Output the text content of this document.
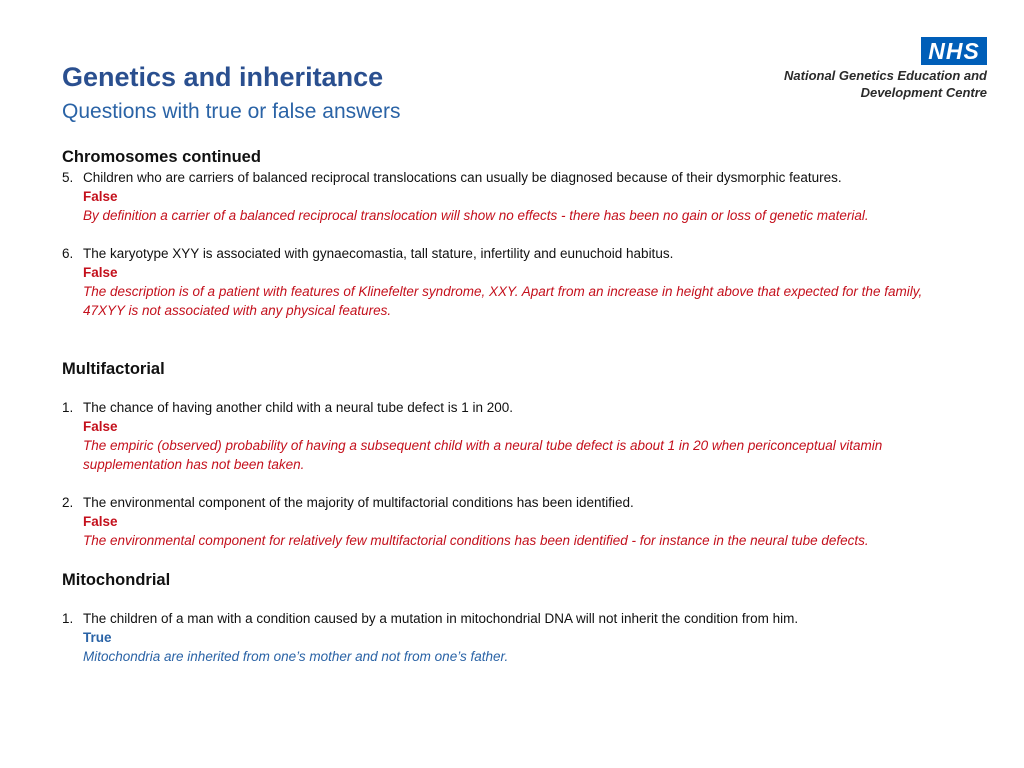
Genetics and inheritance
Questions with true or false answers
NHS
National Genetics Education and
Development Centre
Chromosomes continued
5. Children who are carriers of balanced reciprocal translocations can usually be diagnosed because of their dysmorphic features.
False
By definition a carrier of a balanced reciprocal translocation will show no effects - there has been no gain or loss of genetic material.
6. The karyotype XYY is associated with gynaecomastia, tall stature, infertility and eunuchoid habitus.
False
The description is of a patient with features of Klinefelter syndrome, XXY. Apart from an increase in height above that expected for the family, 47XYY is not associated with any physical features.
Multifactorial
1. The chance of having another child with a neural tube defect is 1 in 200.
False
The empiric (observed) probability of having a subsequent child with a neural tube defect is about 1 in 20 when periconceptual vitamin supplementation has not been taken.
2. The environmental component of the majority of multifactorial conditions has been identified.
False
The environmental component for relatively few multifactorial conditions has been identified - for instance in the neural tube defects.
Mitochondrial
1. The children of a man with a condition caused by a mutation in mitochondrial DNA will not inherit the condition from him.
True
Mitochondria are inherited from one’s mother and not from one’s father.
